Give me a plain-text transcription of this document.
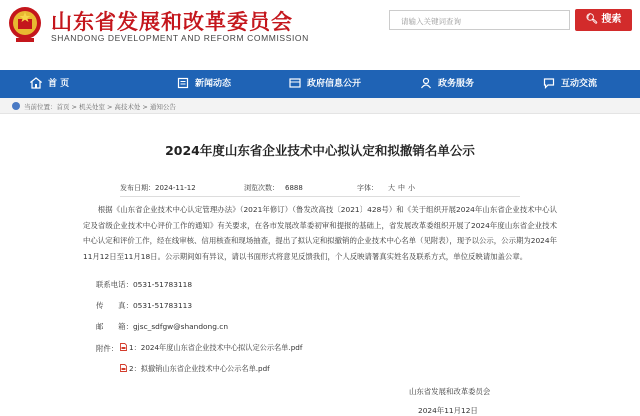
山东省发展和改革委员会
SHANDONG DEVELOPMENT AND REFORM COMMISSION
请输入关键词查询	🔍︎ 搜索
首 页	新闻动态	政府信息公开	政务服务	互动交流
当前位置：首页 > 机关处室 > 高技术处 > 通知公告
2024年度山东省企业技术中心拟认定和拟撤销名单公示
发布日期：2024-11-12	浏览次数： 6888	字体： 大 中 小
根据《山东省企业技术中心认定管理办法》（2021年修订）（鲁发改高技〔2021〕428号）和《关于组织开展2024年山东省企业技术中心认定及省级企业技术中心评价工作的通知》有关要求，在各市发展改革委初审和提报的基础上，省发展改革委组织开展了2024年度山东省企业技术中心认定和评价工作，经在线审核、信用核查和现场抽查，提出了拟认定和拟撤销的企业技术中心名单（见附表），现予以公示，公示期为2024年11月12日至11月18日。公示期间如有异议，请以书面形式将意见反馈我们，个人反映请署真实姓名及联系方式，单位反映请加盖公章。
联系电话：0531-51783118
传　　真：0531-51783113
邮　　箱：gjsc_sdfgw@shandong.cn
附件：	1：2024年度山东省企业技术中心拟认定公示名单.pdf
2：拟撤销山东省企业技术中心公示名单.pdf
山东省发展和改革委员会
2024年11月12日
